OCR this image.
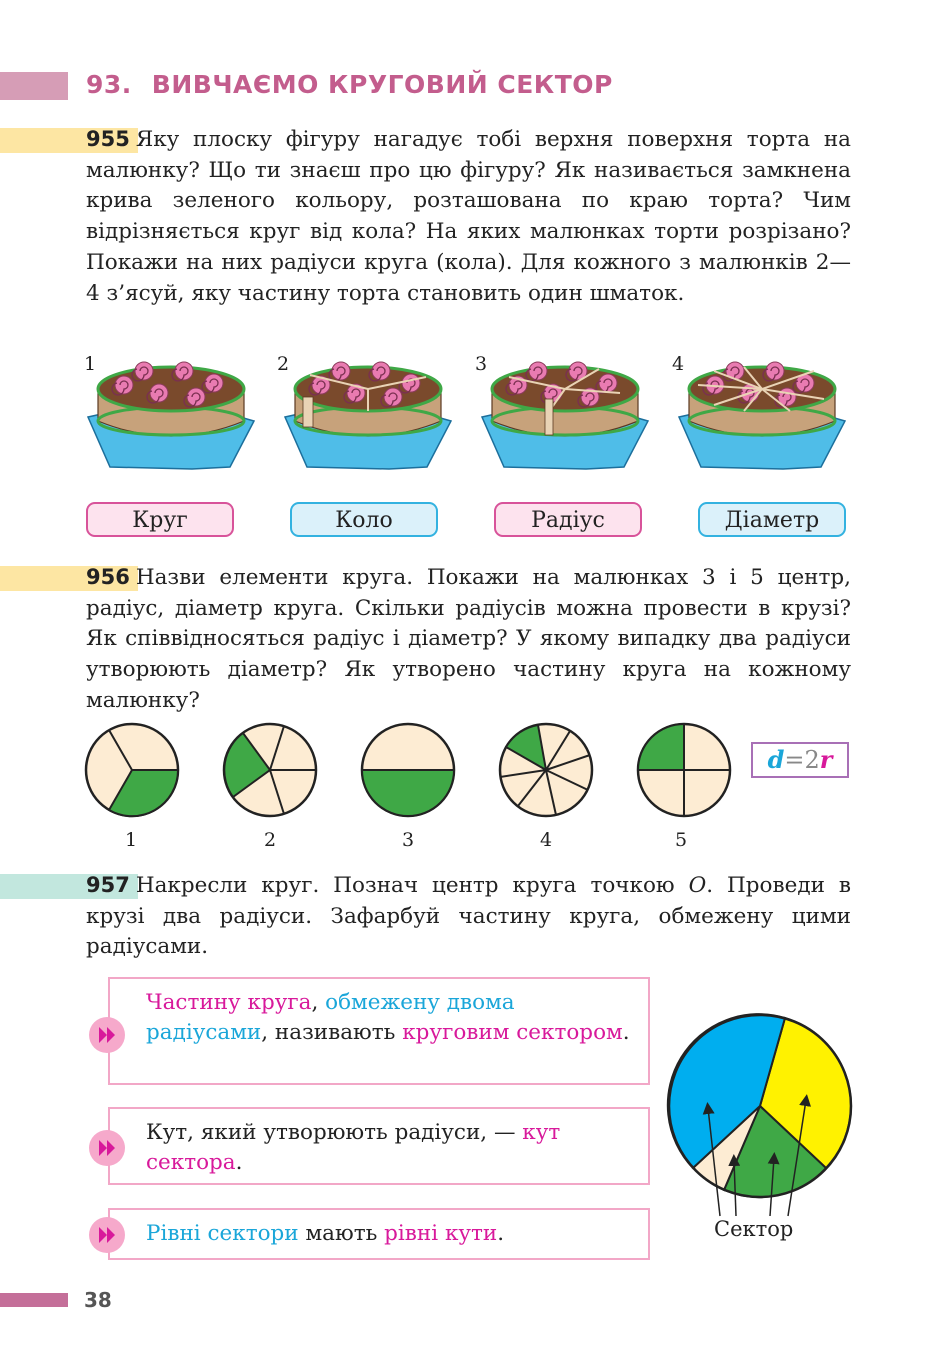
93. ВИВЧАЄМО КРУГОВИЙ СЕКТОР
955 Яку плоску фігуру нагадує тобі верхня поверхня торта на малюнку? Що ти знаєш про цю фігуру? Як називається замкнена крива зеленого кольору, розташована по краю торта? Чим відрізняється круг від кола? На яких малюнках торти розрізано? Покажи на них радіуси круга (кола). Для кожного з малюнків 2—4 з’ясуй, яку частину торта становить один шматок.
1	2	3	4
Круг	Коло	Радіус	Діаметр
956 Назви елементи круга. Покажи на малюнках 3 і 5 центр, радіус, діаметр круга. Скільки радіусів можна провести в крузі? Як співвідносяться радіус і діаметр? У якому випадку два радіуси утворюють діаметр? Як утворено частину круга на кожному малюнку?
1	2	3	4	5
d=2r
957 Накресли круг. Познач центр круга точкою O. Проведи в крузі два радіуси. Зафарбуй частину круга, обмежену цими радіусами.
Частину круга, обмежену двома радіусами, називають круговим сектором.
Кут, який утворюють радіуси, — кут сектора.
Рівні сектори мають рівні кути.	Сектор
38
